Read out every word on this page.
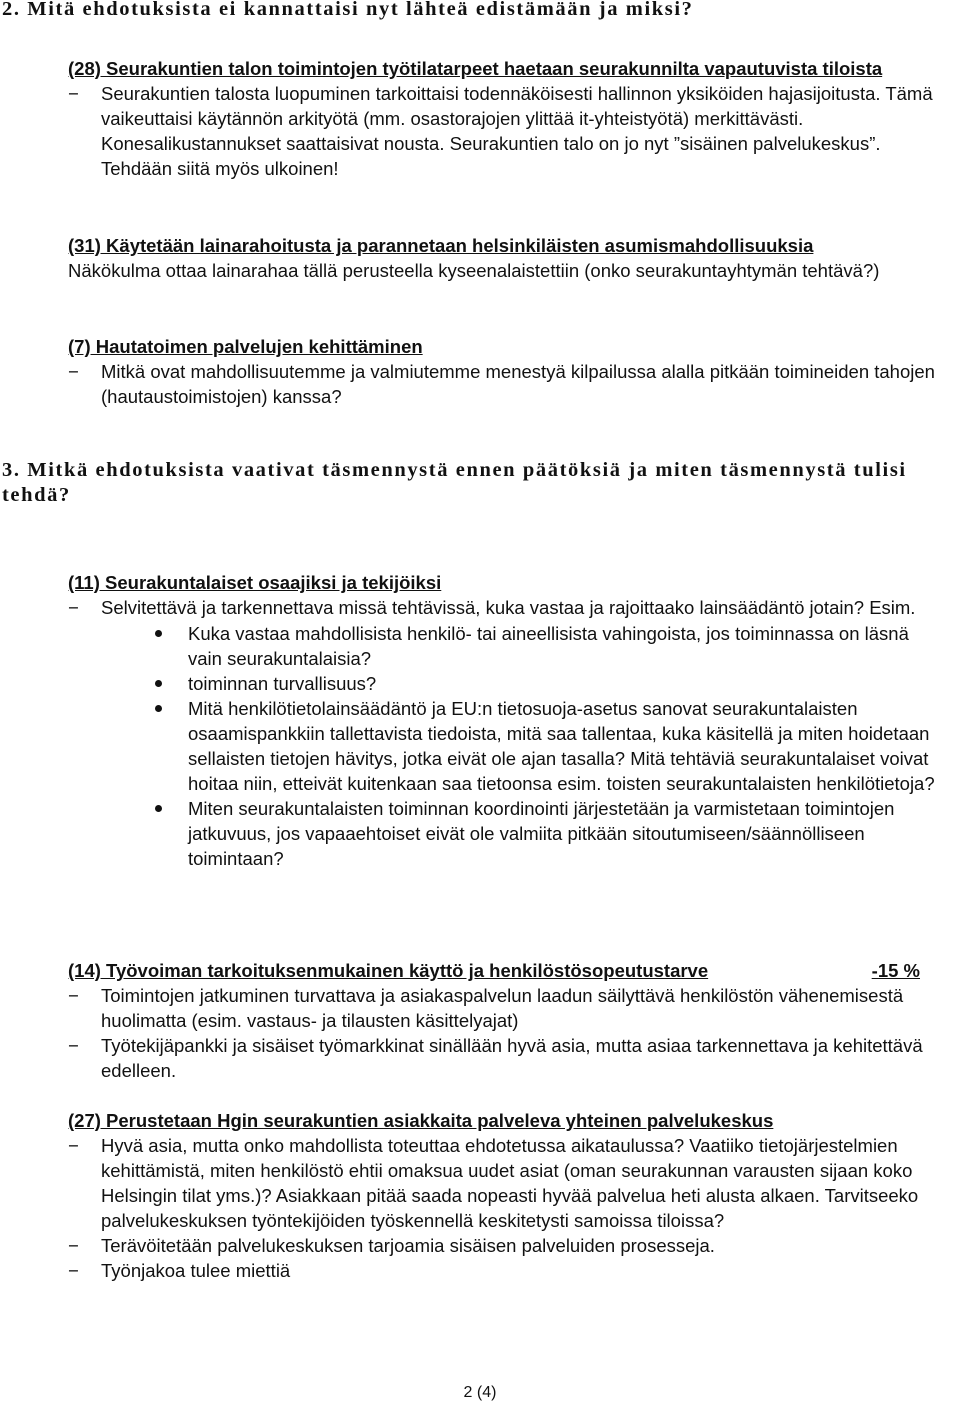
2. Mitä ehdotuksista ei kannattaisi nyt lähteä edistämään ja miksi?
(28) Seurakuntien talon toimintojen työtilatarpeet haetaan seurakunnilta vapautuvista tiloista
−	Seurakuntien talosta luopuminen tarkoittaisi todennäköisesti hallinnon yksiköiden hajasijoitusta. Tämä vaikeuttaisi käytännön arkityötä (mm. osastorajojen ylittää it-yhteistyötä) merkittävästi. Konesalikustannukset saattaisivat nousta. Seurakuntien talo on jo nyt ”sisäinen palvelukeskus”. Tehdään siitä myös ulkoinen!
(31) Käytetään lainarahoitusta ja parannetaan helsinkiläisten asumismahdollisuuksia
Näkökulma ottaa lainarahaa tällä perusteella kyseenalaistettiin (onko seurakuntayhtymän tehtävä?)
(7) Hautatoimen palvelujen kehittäminen
−	Mitkä ovat mahdollisuutemme ja valmiutemme menestyä kilpailussa alalla pitkään toimineiden tahojen (hautaustoimistojen) kanssa?
3. Mitkä ehdotuksista vaativat täsmennystä ennen päätöksiä ja miten täsmennystä tulisi tehdä?
(11) Seurakuntalaiset osaajiksi ja tekijöiksi
−	Selvitettävä ja tarkennettava missä tehtävissä, kuka vastaa ja rajoittaako lainsäädäntö jotain? Esim.
Kuka vastaa mahdollisista henkilö- tai aineellisista vahingoista, jos toiminnassa on läsnä vain seurakuntalaisia?
toiminnan turvallisuus?
Mitä henkilötietolainsäädäntö ja EU:n tietosuoja-asetus sanovat seurakuntalaisten osaamispankkiin tallettavista tiedoista, mitä saa tallentaa, kuka käsitellä ja miten hoidetaan sellaisten tietojen hävitys, jotka eivät ole ajan tasalla? Mitä tehtäviä seurakuntalaiset voivat hoitaa niin, etteivät kuitenkaan saa tietoonsa esim. toisten seurakuntalaisten henkilötietoja?
Miten seurakuntalaisten toiminnan koordinointi järjestetään ja varmistetaan toimintojen jatkuvuus, jos vapaaehtoiset eivät ole valmiita pitkään sitoutumiseen/säännölliseen toimintaan?
(14) Työvoiman tarkoituksenmukainen käyttö ja henkilöstösopeutustarve	-15 %
−	Toimintojen jatkuminen turvattava ja asiakaspalvelun laadun säilyttävä henkilöstön vähenemisestä huolimatta (esim. vastaus- ja tilausten käsittelyajat)
−	Työtekijäpankki ja sisäiset työmarkkinat sinällään hyvä asia, mutta asiaa tarkennettava ja kehitettävä edelleen.
(27) Perustetaan Hgin seurakuntien asiakkaita palveleva yhteinen palvelukeskus
−	Hyvä asia, mutta onko mahdollista toteuttaa ehdotetussa aikataulussa? Vaatiiko tietojärjestelmien kehittämistä, miten henkilöstö ehtii omaksua uudet asiat (oman seurakunnan varausten sijaan koko Helsingin tilat yms.)? Asiakkaan pitää saada nopeasti hyvää palvelua heti alusta alkaen. Tarvitseeko palvelukeskuksen työntekijöiden työskennellä keskitetysti samoissa tiloissa?
−	Terävöitetään palvelukeskuksen tarjoamia sisäisen palveluiden prosesseja.
−	Työnjakoa tulee miettiä
2 (4)
